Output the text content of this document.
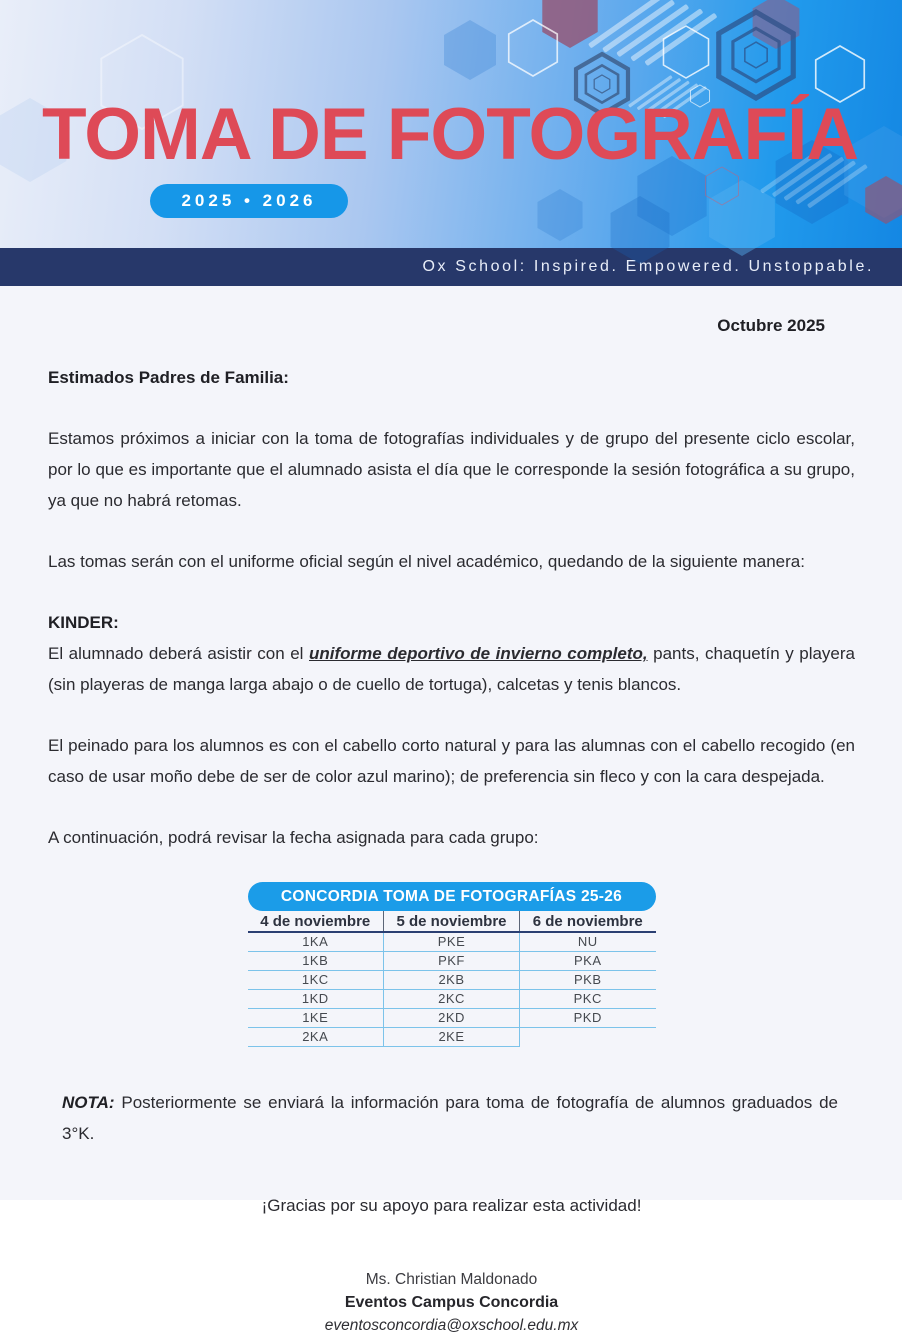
TOMA DE FOTOGRAFÍA
2025 • 2026
Ox School: Inspired. Empowered. Unstoppable.
Octubre 2025
Estimados Padres de Familia:

Estamos próximos a iniciar con la toma de fotografías individuales y de grupo del presente ciclo escolar, por lo que es importante que el alumnado asista el día que le corresponde la sesión fotográfica a su grupo, ya que no habrá retomas.

Las tomas serán con el uniforme oficial según el nivel académico, quedando de la siguiente manera:

KINDER:

El alumnado deberá asistir con el uniforme deportivo de invierno completo, pants, chaquetín y playera (sin playeras de manga larga abajo o de cuello de tortuga), calcetas y tenis blancos.

El peinado para los alumnos es con el cabello corto natural y para las alumnas con el cabello recogido (en caso de usar moño debe de ser de color azul marino); de preferencia sin fleco y con la cara despejada.

A continuación, podrá revisar la fecha asignada para cada grupo:

CONCORDIA TOMA DE FOTOGRAFÍAS 25-26
4 de noviembre	5 de noviembre	6 de noviembre
1KA	PKE	NU
1KB	PKF	PKA
1KC	2KB	PKB
1KD	2KC	PKC
1KE	2KD	PKD
2KA	2KE	

NOTA: Posteriormente se enviará la información para toma de fotografía de alumnos graduados de 3°K.

¡Gracias por su apoyo para realizar esta actividad!

Ms. Christian Maldonado
Eventos Campus Concordia
eventosconcordia@oxschool.edu.mx
